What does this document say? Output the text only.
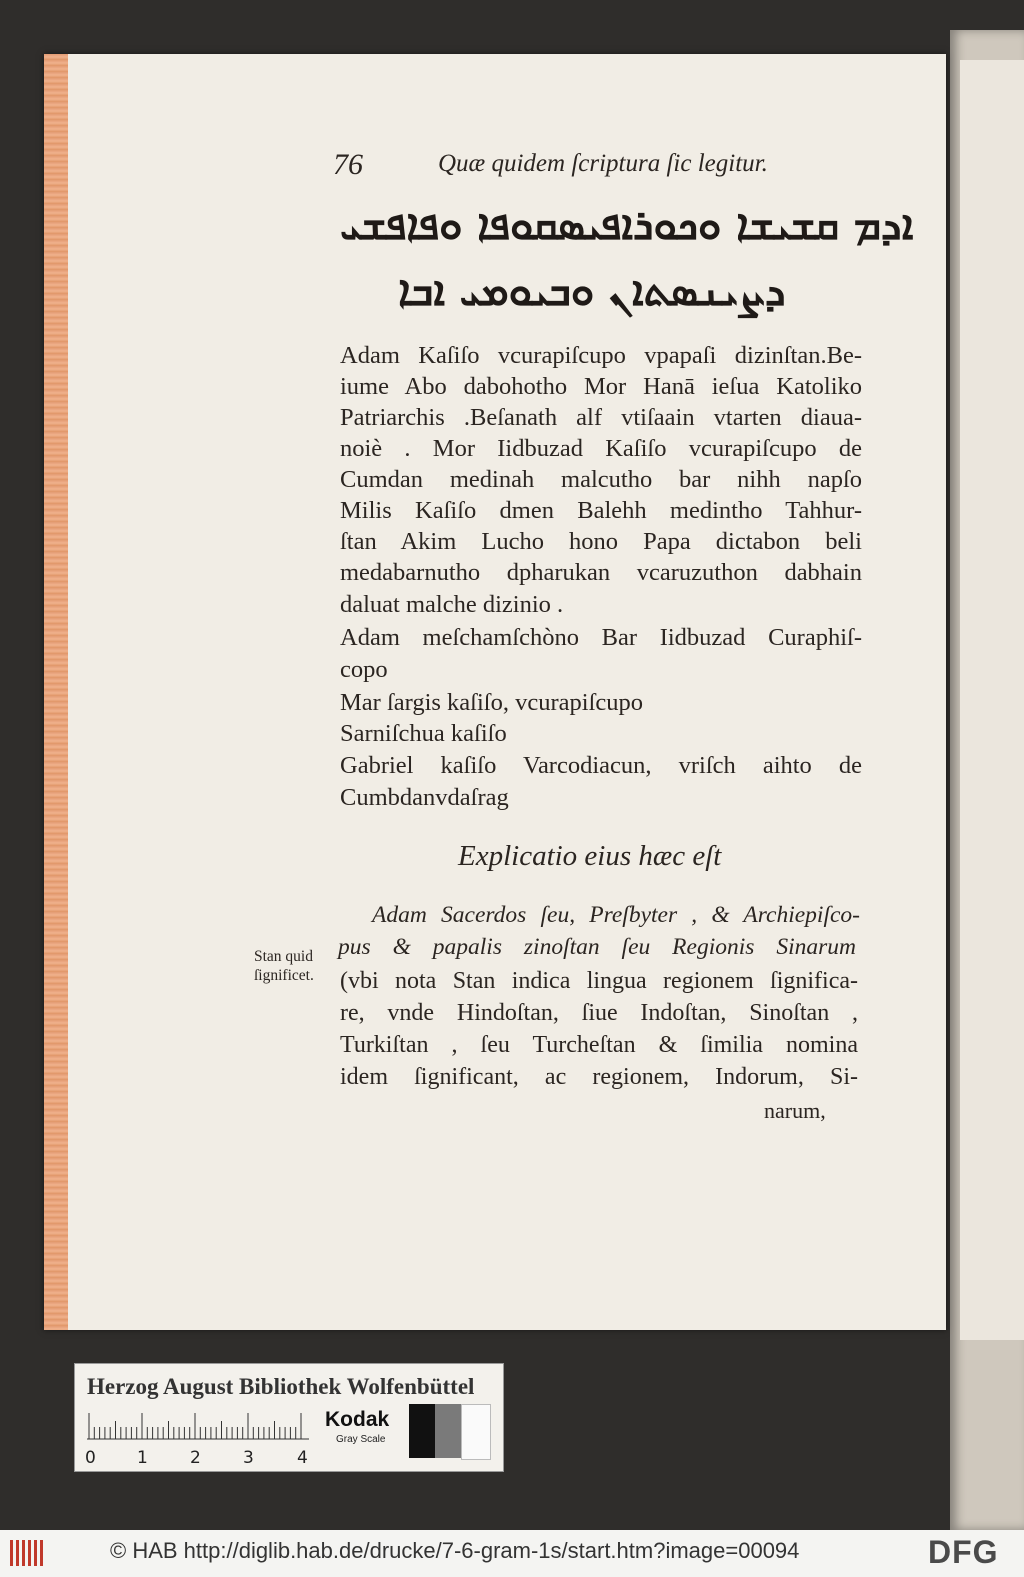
76	Quæ quidem ſcriptura ſic legitur.
ܐܕܡ ܩܫܝܫܐ ܘܟܘܪܐܦܝܣܩܘܦܐ ܘܦܐܦܫܝ
ܕܨܝܢܣܬܐܢ ܘܒܝܘܡܝ ܐܒܐ
Adam Kaſiſo vcurapiſcupo vpapaſi dizinſtan.Be-
iume Abo dabohotho Mor Hanā ieſua Katoliko
Patriarchis .Beſanath alf vtiſaain vtarten diaua-
noiè . Mor Iidbuzad Kaſiſo vcurapiſcupo de
Cumdan medinah malcutho bar nihh napſo
Milis Kaſiſo dmen Balehh medintho Tahhur-
ſtan Akim Lucho hono Papa dictabon beli
medabarnutho dpharukan vcaruzuthon dabhain
daluat malche dizinio .
Adam meſchamſchòno Bar Iidbuzad Curaphiſ-
copo
Mar ſargis kaſiſo, vcurapiſcupo
Sarniſchua kaſiſo
Gabriel kaſiſo Varcodiacun, vriſch aihto de
Cumbdanvdaſrag
Explicatio eius hæc eſt
Adam Sacerdos ſeu, Preſbyter , & Archiepiſco-
pus & papalis zinoſtan ſeu Regionis Sinarum
(vbi nota Stan indica lingua regionem ſignifica-
re, vnde Hindoſtan, ſiue Indoſtan, Sinoſtan ,
Turkiſtan , ſeu Turcheſtan & ſimilia nomina
idem ſignificant, ac regionem, Indorum, Si-
narum,
Stan quid
ſignificet.
Herzog August Bibliothek Wolfenbüttel
0 1 2 3	4
Kodak
Gray Scale
© HAB http://diglib.hab.de/drucke/7-6-gram-1s/start.htm?image=00094	DFG
